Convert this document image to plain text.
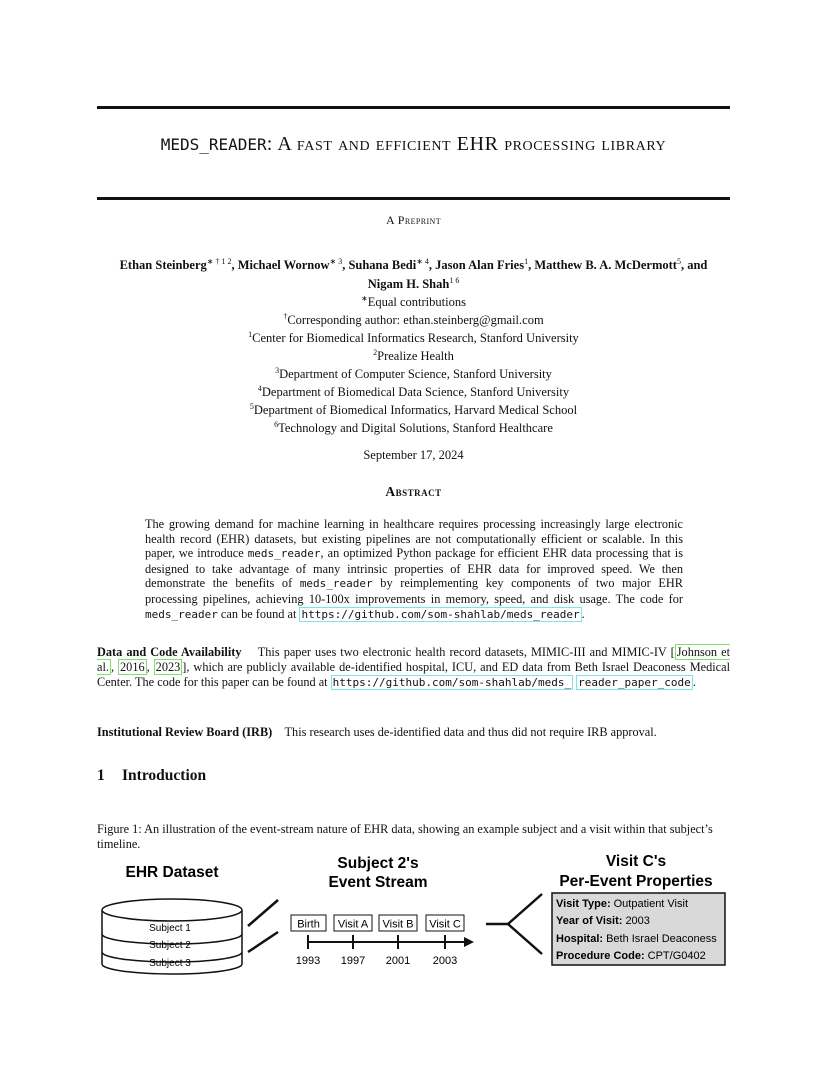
MEDS_READER: A fast and efficient EHR processing library
A Preprint
Ethan Steinberg$^{∗ \dagger 1 2}$, Michael Wornow$^{∗ 3}$, Suhana Bedi$^{∗ 4}$, Jason Alan Fries$^1$, Matthew B. A. McDermott$^5$, and
Nigam H. Shah$^{1 6}$
∗Equal contributions
†Corresponding author: ethan.steinberg@gmail.com
$^1$Center for Biomedical Informatics Research, Stanford University
$^2$Prealize Health
$^3$Department of Computer Science, Stanford University
$^4$Department of Biomedical Data Science, Stanford University
$^5$Department of Biomedical Informatics, Harvard Medical School
$^6$Technology and Digital Solutions, Stanford Healthcare
September 17, 2024
Abstract
The growing demand for machine learning in healthcare requires processing increasingly large electronic health record (EHR) datasets, but existing pipelines are not computationally efficient or scalable. In this paper, we introduce meds_reader, an optimized Python package for efficient EHR data processing that is designed to take advantage of many intrinsic properties of EHR data for improved speed. We then demonstrate the benefits of meds_reader by reimplementing key components of two major EHR processing pipelines, achieving 10-100x improvements in memory, speed, and disk usage. The code for meds_reader can be found at https://github.com/som-shahlab/meds_reader .
Data and Code Availability This paper uses two electronic health record datasets, MIMIC-III and MIMIC-IV [ Johnson et al. , 2016 , 2023 ], which are publicly available de-identified hospital, ICU, and ED data from Beth Israel Deaconess Medical Center. The code for this paper can be found at https://github.com/som-shahlab/meds_ reader_paper_code .
Institutional Review Board (IRB) This research uses de-identified data and thus did not require IRB approval.
1 Introduction
Figure 1: An illustration of the event-stream nature of EHR data, showing an example subject and a visit within that subject’s timeline.
EHR Dataset
Subject 1
Subject 2
Subject 3
Subject 2's
Event Stream
Birth Visit A Visit B Visit C
1993 1997 2001 2003
Visit C's
Per-Event Properties
Visit Type: Outpatient Visit
Year of Visit: 2003
Hospital: Beth Israel Deaconess
Procedure Code: CPT/G0402
